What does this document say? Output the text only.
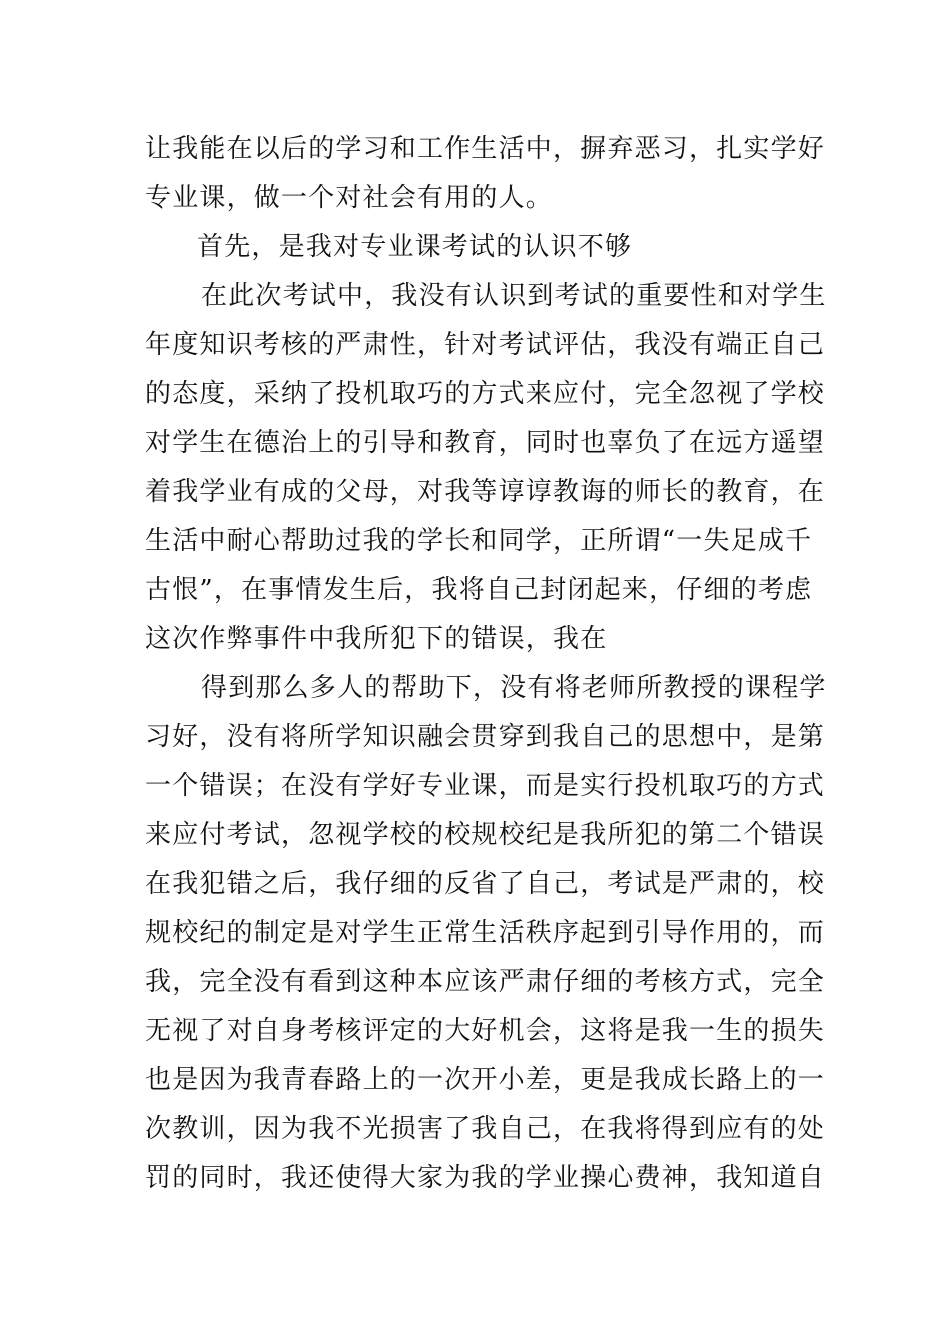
让我能在以后的学习和工作生活中，摒弃恶习，扎实学好
专业课，做一个对社会有用的人。
首先，是我对专业课考试的认识不够
在此次考试中，我没有认识到考试的重要性和对学生
年度知识考核的严肃性，针对考试评估，我没有端正自己
的态度，采纳了投机取巧的方式来应付，完全忽视了学校
对学生在德治上的引导和教育，同时也辜负了在远方遥望
着我学业有成的父母，对我等谆谆教诲的师长的教育，在
生活中耐心帮助过我的学长和同学，正所谓“一失足成千
古恨”，在事情发生后，我将自己封闭起来，仔细的考虑
这次作弊事件中我所犯下的错误，我在
得到那么多人的帮助下，没有将老师所教授的课程学
习好，没有将所学知识融会贯穿到我自己的思想中，是第
一个错误；在没有学好专业课，而是实行投机取巧的方式
来应付考试，忽视学校的校规校纪是我所犯的第二个错误
在我犯错之后，我仔细的反省了自己，考试是严肃的，校
规校纪的制定是对学生正常生活秩序起到引导作用的，而
我，完全没有看到这种本应该严肃仔细的考核方式，完全
无视了对自身考核评定的大好机会，这将是我一生的损失
也是因为我青春路上的一次开小差，更是我成长路上的一
次教训，因为我不光损害了我自己，在我将得到应有的处
罚的同时，我还使得大家为我的学业操心费神，我知道自
